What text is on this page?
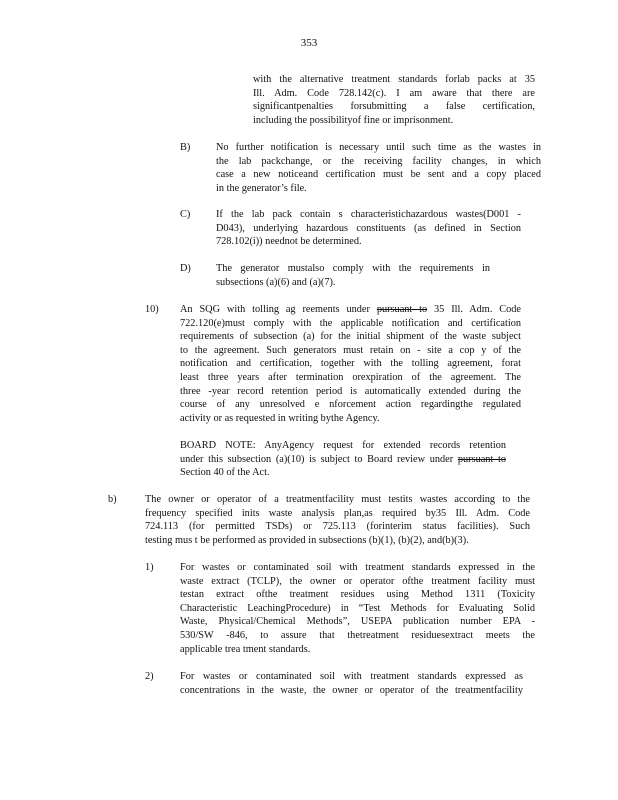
353
with the alternative treatment standards forlab packs at 35
Ill. Adm. Code 728.142(c). I am aware that there are
significantpenalties forsubmitting a false certification,
including the possibilityof fine or imprisonment.
B) No further notification is necessary until such time as the wastes in
the lab packchange, or the receiving facility changes, in which
case a new noticeand certification must be sent and a copy placed
in the generator’s file.
C) If the lab pack contain s characteristichazardous wastes(D001 -
D043), underlying hazardous constituents (as defined in Section
728.102(i)) neednot be determined.
D) The generator mustalso comply with the requirements in
subsections (a)(6) and (a)(7).
10) An SQG with tolling ag reements under pursuant to 35 Ill. Adm. Code
722.120(e)must comply with the applicable notification and certification
requirements of subsection (a) for the initial shipment of the waste subject
to the agreement. Such generators must retain on - site a cop y of the
notification and certification, together with the tolling agreement, forat
least three years after termination orexpiration of the agreement. The
three -year record retention period is automatically extended during the
course of any unresolved e nforcement action regardingthe regulated
activity or as requested in writing bythe Agency.
BOARD NOTE: AnyAgency request for extended records retention
under this subsection (a)(10) is subject to Board review under pursuant to
Section 40 of the Act.
b)	The owner or operator of a treatmentfacility must testits wastes according to the
frequency specified inits waste analysis plan,as required by35 Ill. Adm. Code
724.113 (for permitted TSDs) or 725.113 (forinterim status facilities). Such
testing mus t be performed as provided in subsections (b)(1), (b)(2), and(b)(3).
1)	For wastes or contaminated soil with treatment standards expressed in the
waste extract (TCLP), the owner or operator ofthe treatment facility must
testan extract ofthe treatment residues using Method 1311 (Toxicity
Characteristic LeachingProcedure) in “Test Methods for Evaluating Solid
Waste, Physical/Chemical Methods”, USEPA publication number EPA -
530/SW -846, to assure that thetreatment residuesextract meets the
applicable trea tment standards.
2)	For wastes or contaminated soil with treatment standards expressed as
concentrations in the waste, the owner or operator of the treatmentfacility
